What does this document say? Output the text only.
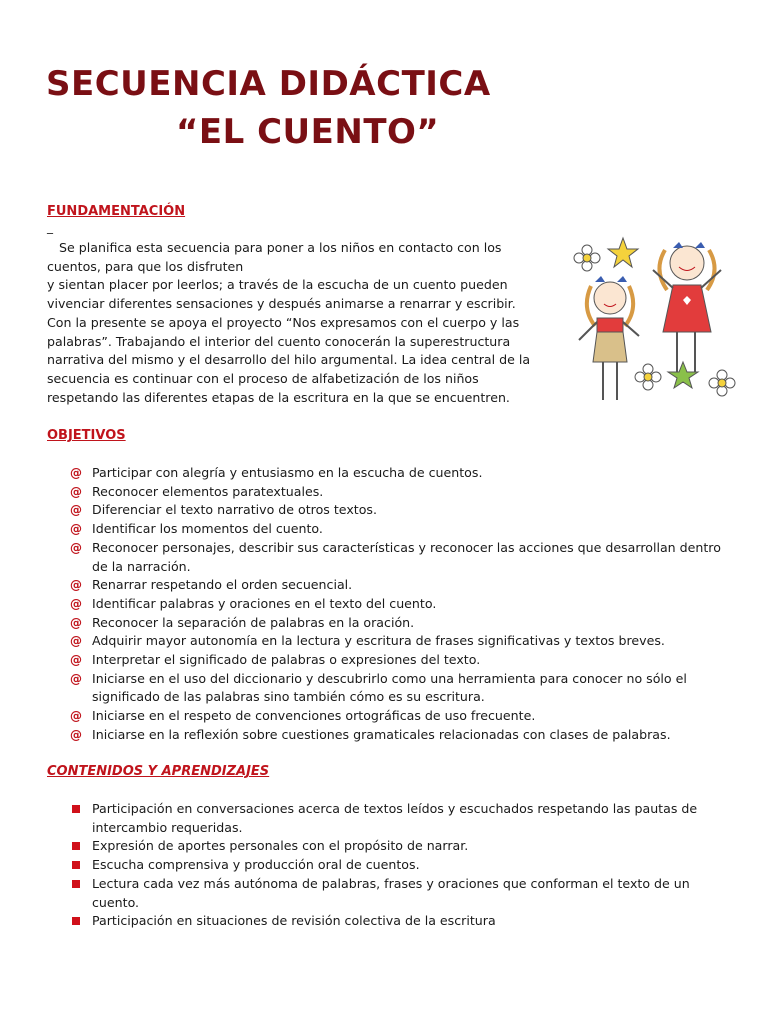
SECUENCIA DIDÁCTICA
“EL CUENTO”
FUNDAMENTACIÓN
_
Se planifica esta secuencia para poner a los niños en contacto con los
cuentos, para que los disfruten
y sientan placer por leerlos; a través de la escucha de un cuento pueden
vivenciar diferentes sensaciones y después animarse a renarrar y escribir.
Con la presente se apoya el proyecto “Nos expresamos con el cuerpo y las
palabras”. Trabajando el interior del cuento conocerán la superestructura
narrativa del mismo y el desarrollo del hilo argumental. La idea central de la
secuencia es continuar con el proceso de alfabetización de los niños
respetando las diferentes etapas de la escritura en la que se encuentren.
OBJETIVOS
@ Participar con alegría y entusiasmo en la escucha de cuentos.
@ Reconocer elementos paratextuales.
@ Diferenciar el texto narrativo de otros textos.
@ Identificar los momentos del cuento.
@ Reconocer personajes, describir sus características y reconocer las acciones que desarrollan dentro de la narración.
@ Renarrar respetando el orden secuencial.
@ Identificar palabras y oraciones en el texto del cuento.
@ Reconocer la separación de palabras en la oración.
@ Adquirir mayor autonomía en la lectura y escritura de frases significativas y textos breves.
@ Interpretar el significado de palabras o expresiones del texto.
@ Iniciarse en el uso del diccionario y descubrirlo como una herramienta para conocer no sólo el significado de las palabras sino también cómo es su escritura.
@ Iniciarse en el respeto de convenciones ortográficas de uso frecuente.
@ Iniciarse en la reflexión sobre cuestiones gramaticales relacionadas con clases de palabras.
CONTENIDOS Y APRENDIZAJES
Participación en conversaciones acerca de textos leídos y escuchados respetando las pautas de intercambio requeridas.
Expresión de aportes personales con el propósito de narrar.
Escucha comprensiva y producción oral de cuentos.
Lectura cada vez más autónoma de palabras, frases y oraciones que conforman el texto de un cuento.
Participación en situaciones de revisión colectiva de la escritura
